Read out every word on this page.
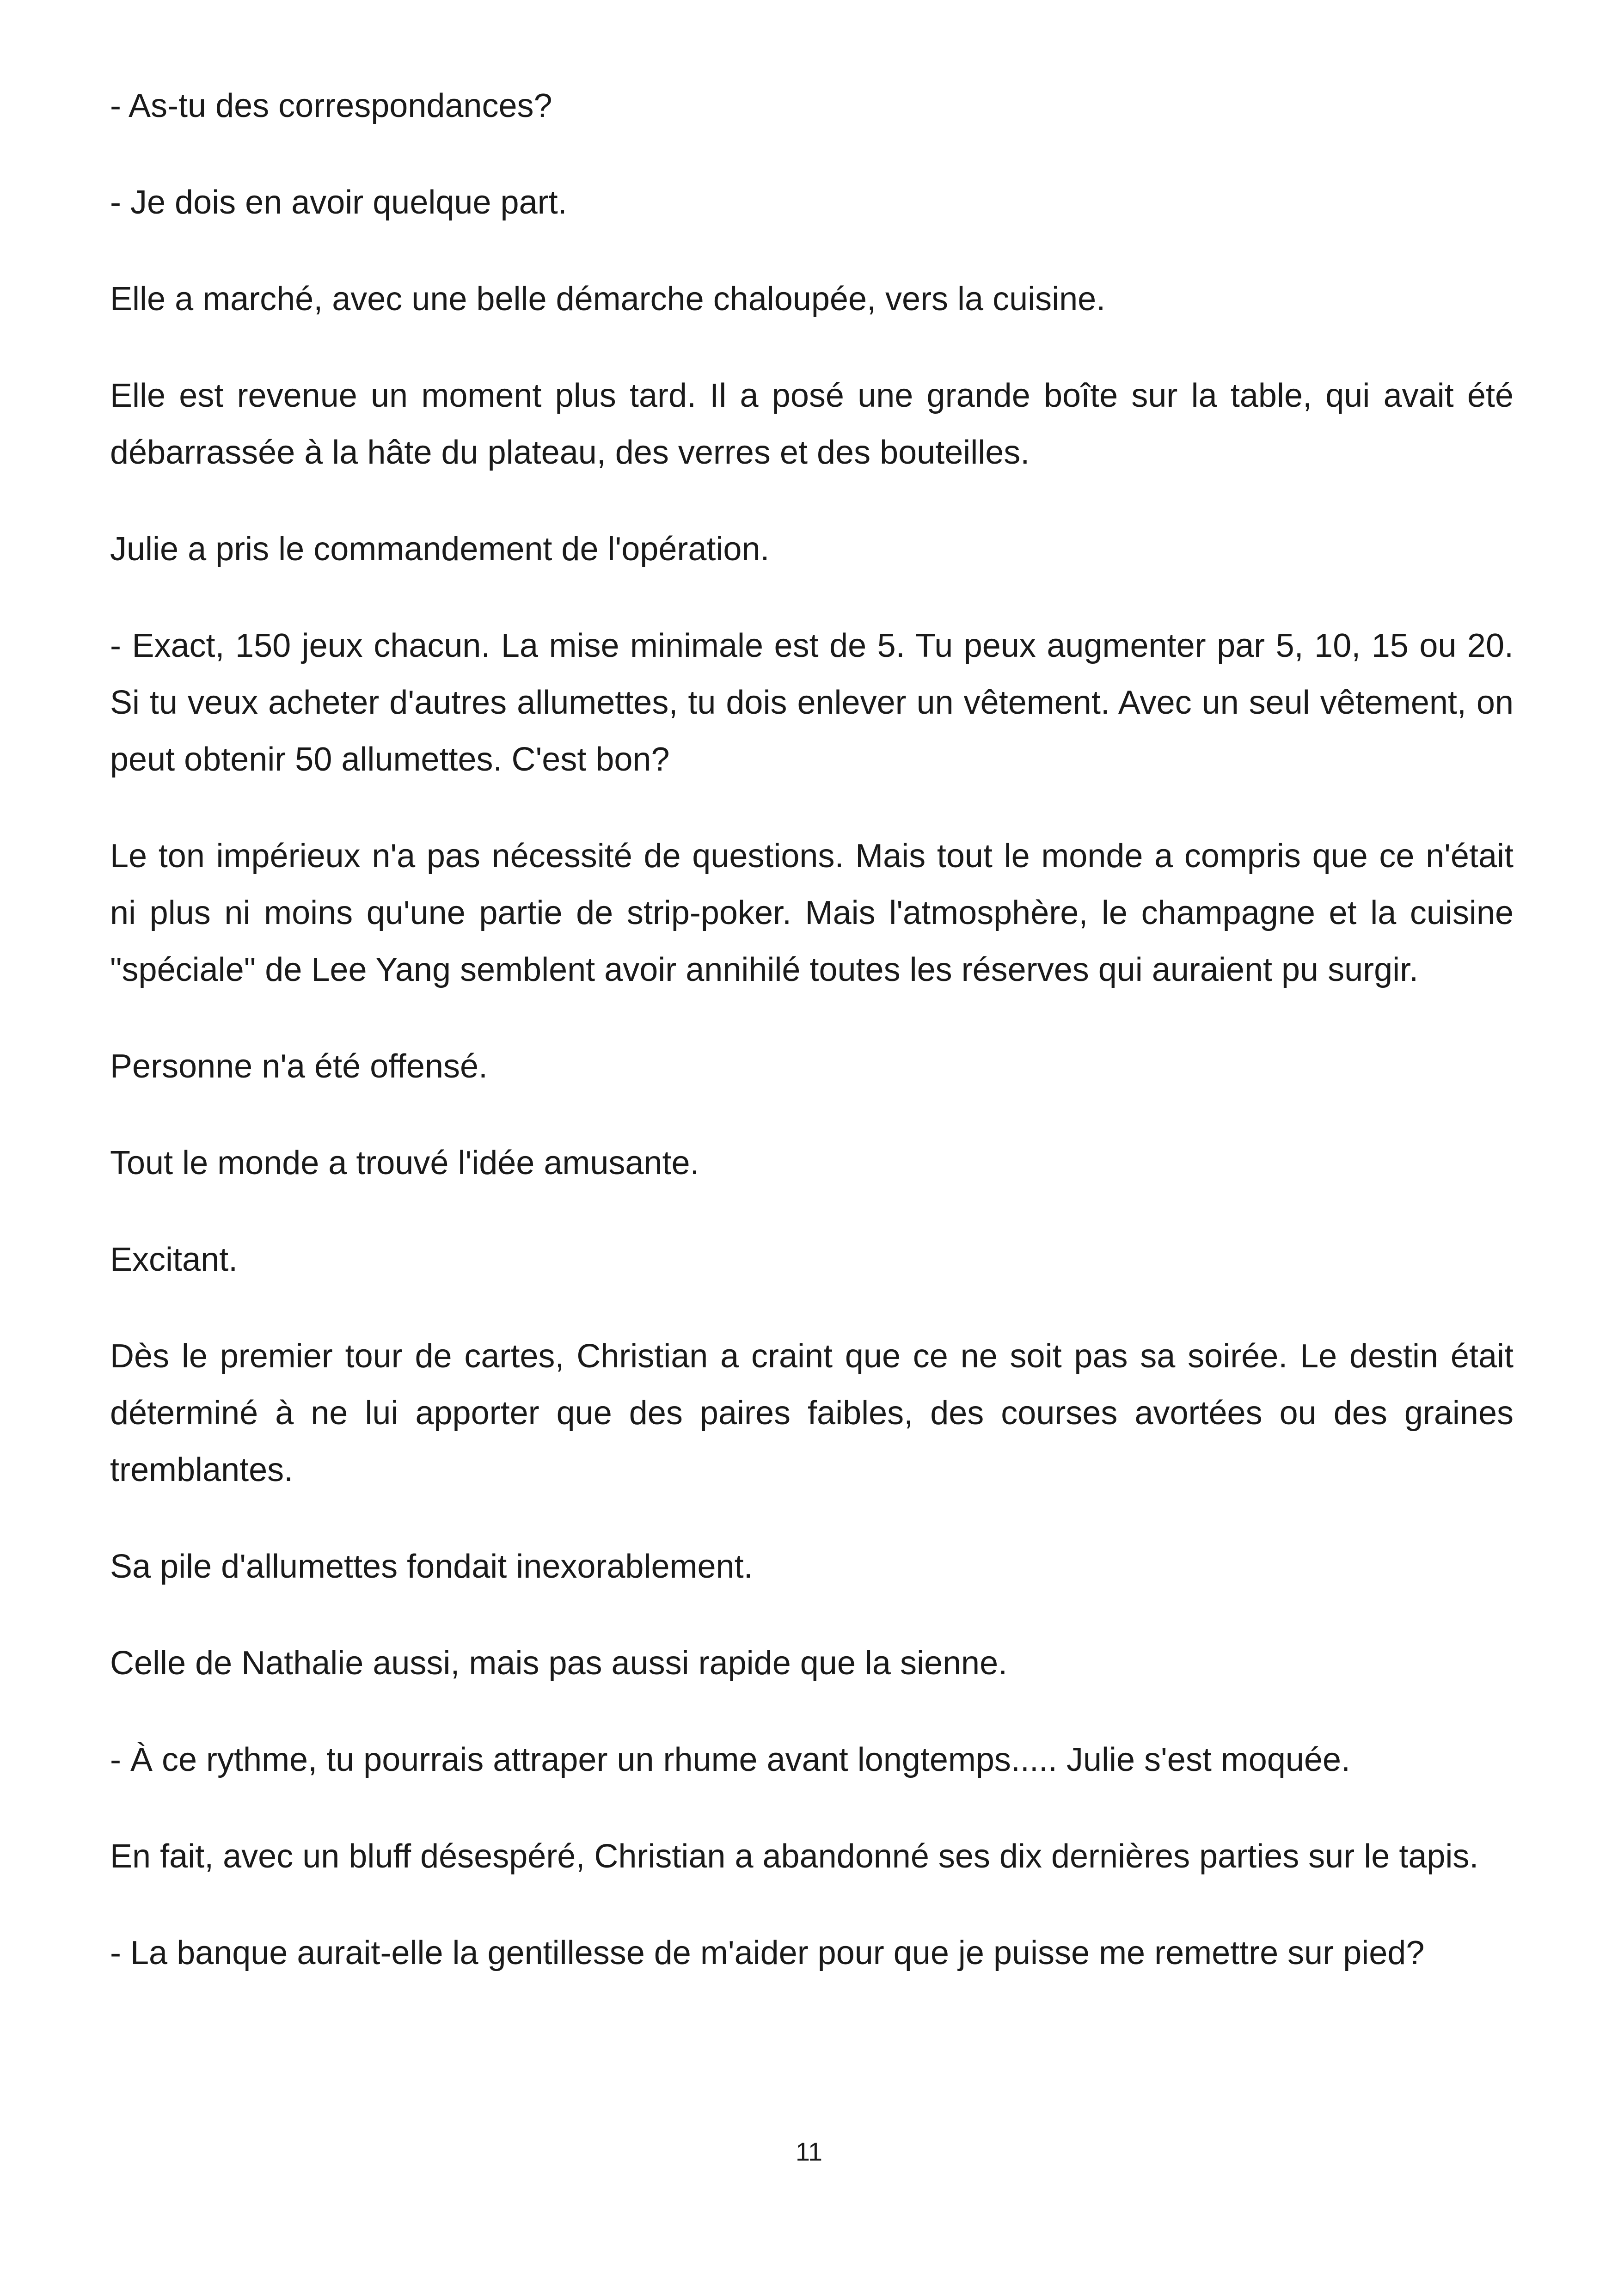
- As-tu des correspondances?

- Je dois en avoir quelque part.

Elle a marché, avec une belle démarche chaloupée, vers la cuisine.

Elle est revenue un moment plus tard. Il a posé une grande boîte sur la table, qui avait été débarrassée à la hâte du plateau, des verres et des bouteilles.

Julie a pris le commandement de l'opération.

- Exact, 150 jeux chacun. La mise minimale est de 5. Tu peux augmenter par 5, 10, 15 ou 20. Si tu veux acheter d'autres allumettes, tu dois enlever un vêtement. Avec un seul vêtement, on peut obtenir 50 allumettes. C'est bon?

Le ton impérieux n'a pas nécessité de questions. Mais tout le monde a compris que ce n'était ni plus ni moins qu'une partie de strip-poker. Mais l'atmosphère, le champagne et la cuisine "spéciale" de Lee Yang semblent avoir annihilé toutes les réserves qui auraient pu surgir.

Personne n'a été offensé.

Tout le monde a trouvé l'idée amusante.

Excitant.

Dès le premier tour de cartes, Christian a craint que ce ne soit pas sa soirée. Le destin était déterminé à ne lui apporter que des paires faibles, des courses avortées ou des graines tremblantes.

Sa pile d'allumettes fondait inexorablement.

Celle de Nathalie aussi, mais pas aussi rapide que la sienne.

- À ce rythme, tu pourrais attraper un rhume avant longtemps..... Julie s'est moquée.

En fait, avec un bluff désespéré, Christian a abandonné ses dix dernières parties sur le tapis.

- La banque aurait-elle la gentillesse de m'aider pour que je puisse me remettre sur pied?

11
